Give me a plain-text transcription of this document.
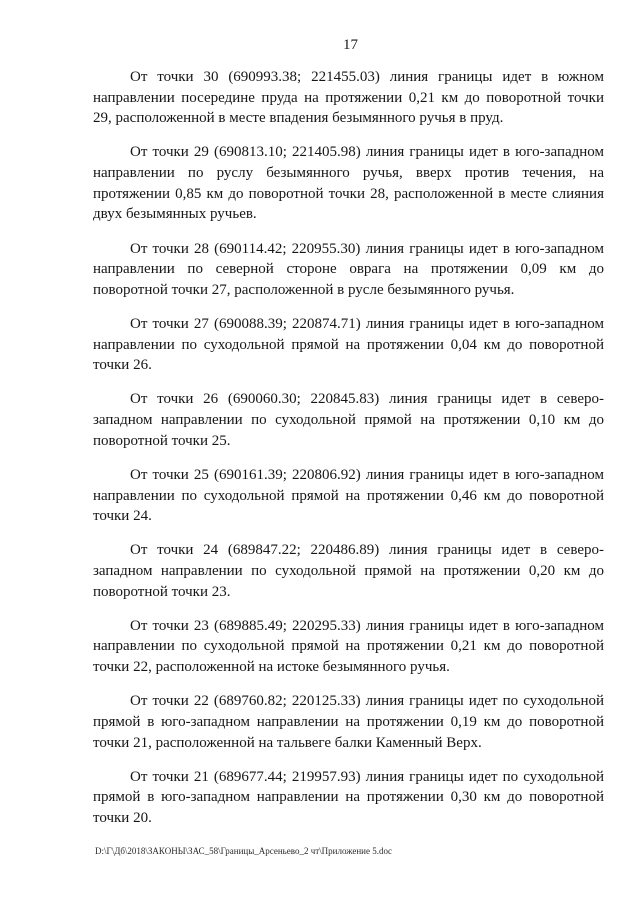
17
От точки 30 (690993.38; 221455.03) линия границы идет в южном
направлении посередине пруда на протяжении 0,21 км до поворотной точки
29, расположенной в месте впадения безымянного ручья в пруд.
От точки 29 (690813.10; 221405.98) линия границы идет в юго-западном
направлении по руслу безымянного ручья, вверх против течения, на
протяжении 0,85 км до поворотной точки 28, расположенной в месте слияния
двух безымянных ручьев.
От точки 28 (690114.42; 220955.30) линия границы идет в юго-западном
направлении по северной стороне оврага на протяжении 0,09 км до
поворотной точки 27, расположенной в русле безымянного ручья.
От точки 27 (690088.39; 220874.71) линия границы идет в юго-западном
направлении по суходольной прямой на протяжении 0,04 км до поворотной
точки 26.
От точки 26 (690060.30; 220845.83) линия границы идет в северо-
западном направлении по суходольной прямой на протяжении 0,10 км до
поворотной точки 25.
От точки 25 (690161.39; 220806.92) линия границы идет в юго-западном
направлении по суходольной прямой на протяжении 0,46 км до поворотной
точки 24.
От точки 24 (689847.22; 220486.89) линия границы идет в северо-
западном направлении по суходольной прямой на протяжении 0,20 км до
поворотной точки 23.
От точки 23 (689885.49; 220295.33) линия границы идет в юго-западном
направлении по суходольной прямой на протяжении 0,21 км до поворотной
точки 22, расположенной на истоке безымянного ручья.
От точки 22 (689760.82; 220125.33) линия границы идет по суходольной
прямой в юго-западном направлении на протяжении 0,19 км до поворотной
точки 21, расположенной на тальвеге балки Каменный Верх.
От точки 21 (689677.44; 219957.93) линия границы идет по суходольной
прямой в юго-западном направлении на протяжении 0,30 км до поворотной
точки 20.
D:\Г\Дб\2018\ЗАКОНЫ\ЗАС_58\Границы_Арсеньево_2 чт\Приложение 5.doc
